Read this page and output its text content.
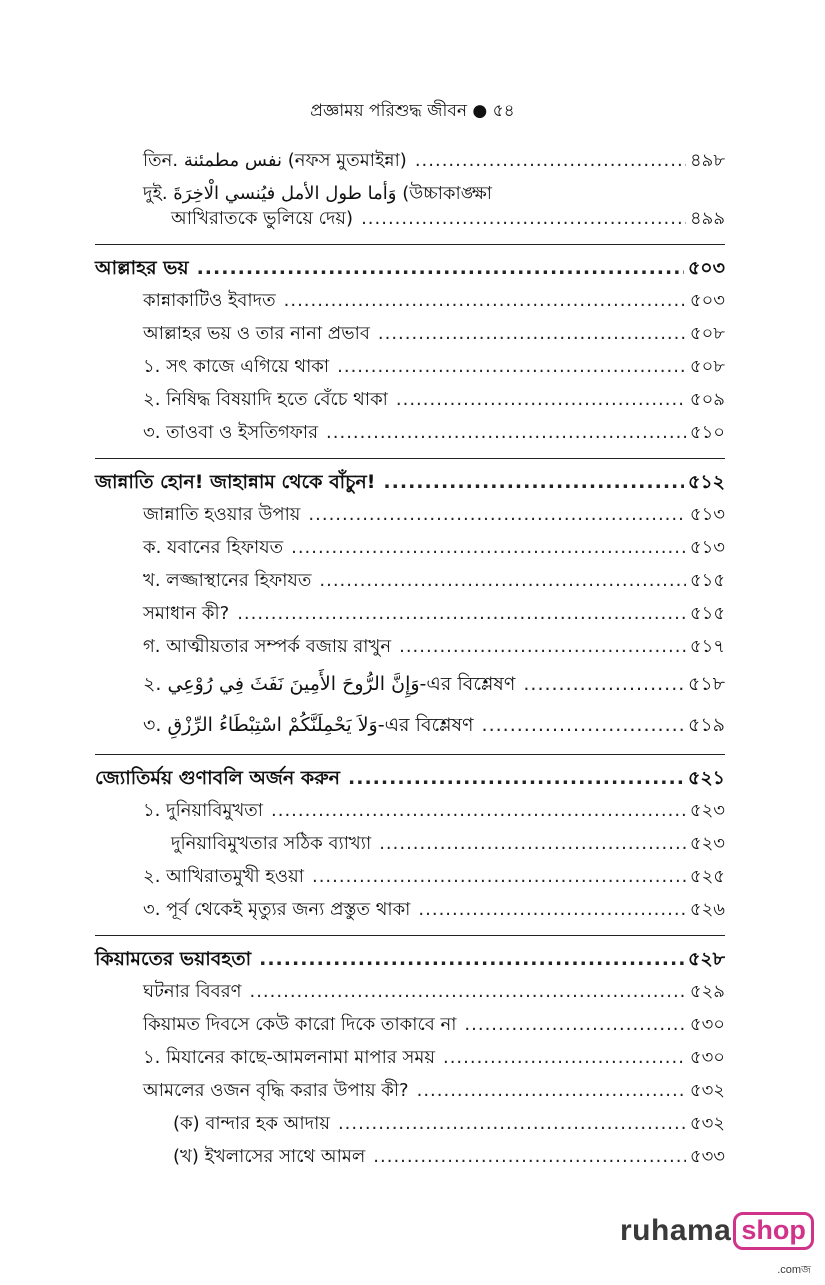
প্রজ্ঞাময় পরিশুদ্ধ জীবন ● ৫৪
তিন. نفس مطمئنة (নফস মুতমাইন্না) .....	৪৯৮
দুই. وَأما طول الأمل فيُنسي الْاخِرَةَ (উচ্চাকাঙ্ক্ষা
আখিরাতকে ভুলিয়ে দেয়) .....	৪৯৯
আল্লাহর ভয় .....	৫০৩
কান্নাকাটিও ইবাদত .....	৫০৩
আল্লাহর ভয় ও তার নানা প্রভাব .....	৫০৮
১. সৎ কাজে এগিয়ে থাকা .....	৫০৮
২. নিষিদ্ধ বিষয়াদি হতে বেঁচে থাকা .....	৫০৯
৩. তাওবা ও ইসতিগফার .....	৫১০
জান্নাতি হোন! জাহান্নাম থেকে বাঁচুন! .....	৫১২
জান্নাতি হওয়ার উপায় .....	৫১৩
ক. যবানের হিফাযত .....	৫১৩
খ. লজ্জাস্থানের হিফাযত .....	৫১৫
সমাধান কী? .....	৫১৫
গ. আত্মীয়তার সম্পর্ক বজায় রাখুন .....	৫১৭
২. وَإِنَّ الرُّوحَ الأَمِينَ نَفَثَ فِي رُوْعِي-এর বিশ্লেষণ .....	৫১৮
৩. وَلاَ يَحْمِلَنَّكُمْ اسْتِبْطَاءُ الرِّزْقِ-এর বিশ্লেষণ .....	৫১৯
জ্যোতির্ময় গুণাবলি অর্জন করুন .....	৫২১
১. দুনিয়াবিমুখতা .....	৫২৩
দুনিয়াবিমুখতার সঠিক ব্যাখ্যা .....	৫২৩
২. আখিরাতমুখী হওয়া .....	৫২৫
৩. পূর্ব থেকেই মৃত্যুর জন্য প্রস্তুত থাকা .....	৫২৬
কিয়ামতের ভয়াবহতা .....	৫২৮
ঘটনার বিবরণ .....	৫২৯
কিয়ামত দিবসে কেউ কারো দিকে তাকাবে না .....	৫৩০
১. মিযানের কাছে-আমলনামা মাপার সময় .....	৫৩০
আমলের ওজন বৃদ্ধি করার উপায় কী? .....	৫৩২
(ক) বান্দার হক আদায় .....	৫৩২
(খ) ইখলাসের সাথে আমল .....	৫৩৩
ruhama shop
.comজ
